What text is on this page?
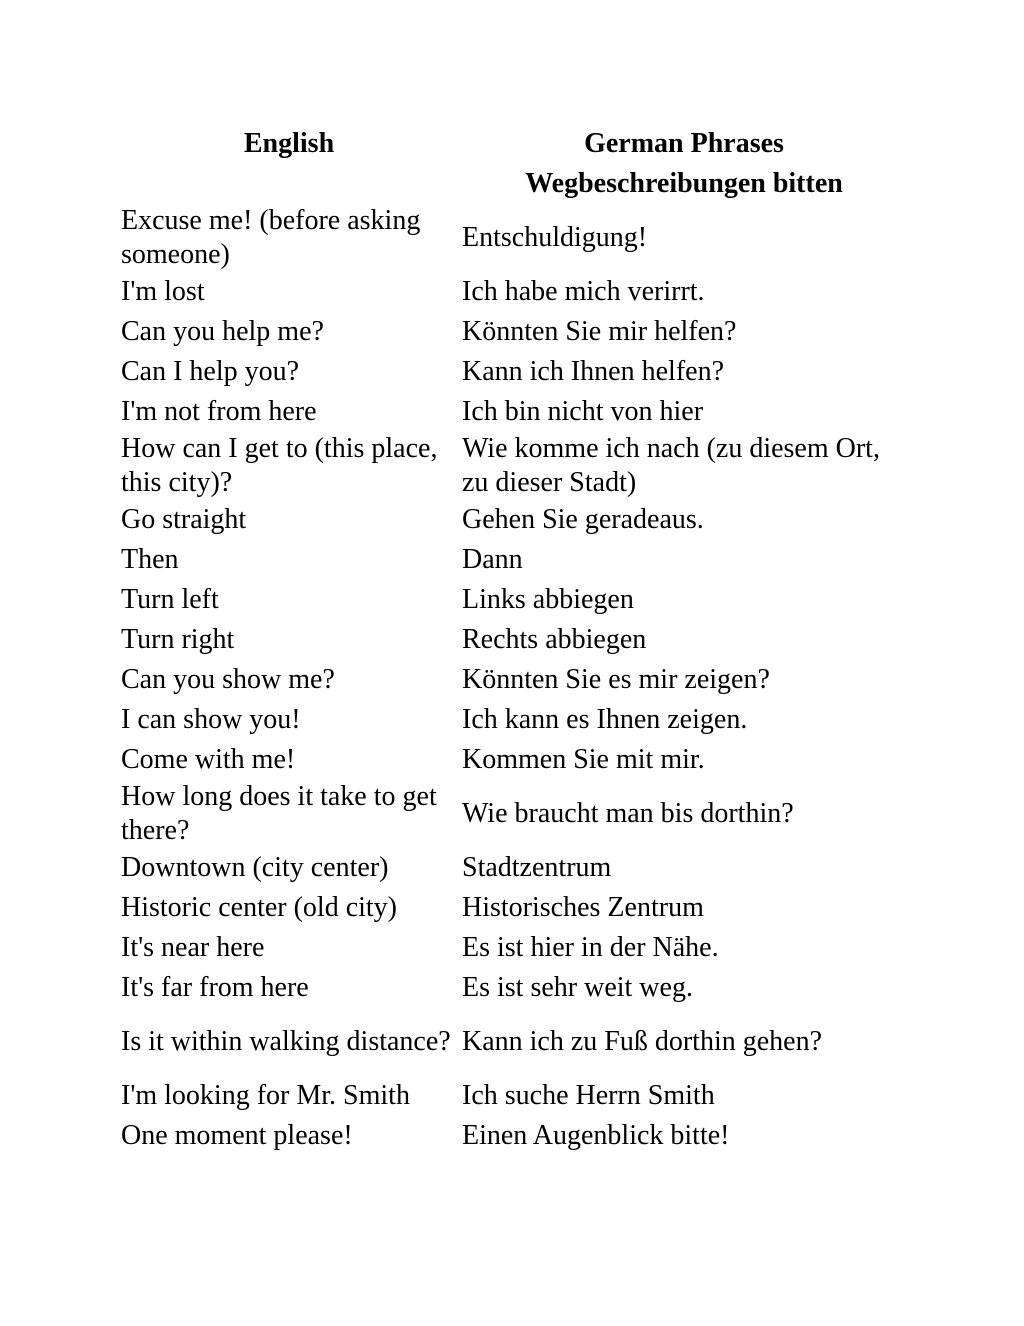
English	German Phrases
Wegbeschreibungen bitten
Excuse me! (before asking someone)	Entschuldigung!
I'm lost	Ich habe mich verirrt.
Can you help me?	Könnten Sie mir helfen?
Can I help you?	Kann ich Ihnen helfen?
I'm not from here	Ich bin nicht von hier
How can I get to (this place, this city)?	Wie komme ich nach (zu diesem Ort, zu dieser Stadt)
Go straight	Gehen Sie geradeaus.
Then	Dann
Turn left	Links abbiegen
Turn right	Rechts abbiegen
Can you show me?	Könnten Sie es mir zeigen?
I can show you!	Ich kann es Ihnen zeigen.
Come with me!	Kommen Sie mit mir.
How long does it take to get there?	Wie braucht man bis dorthin?
Downtown (city center)	Stadtzentrum
Historic center (old city)	Historisches Zentrum
It's near here	Es ist hier in der Nähe.
It's far from here	Es ist sehr weit weg.
Is it within walking distance?	Kann ich zu Fuß dorthin gehen?
I'm looking for Mr. Smith	Ich suche Herrn Smith
One moment please!	Einen Augenblick bitte!
